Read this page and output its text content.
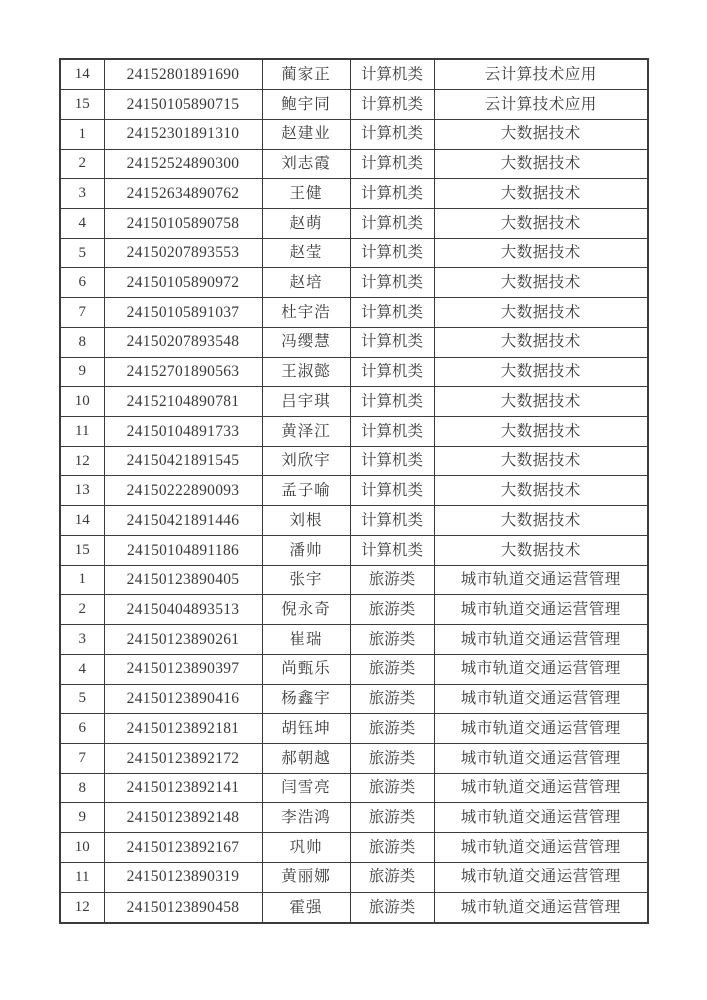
14	24152801891690	蔺家正	计算机类	云计算技术应用
15	24150105890715	鲍宇同	计算机类	云计算技术应用
1	24152301891310	赵建业	计算机类	大数据技术
2	24152524890300	刘志霞	计算机类	大数据技术
3	24152634890762	王健	计算机类	大数据技术
4	24150105890758	赵萌	计算机类	大数据技术
5	24150207893553	赵莹	计算机类	大数据技术
6	24150105890972	赵培	计算机类	大数据技术
7	24150105891037	杜宇浩	计算机类	大数据技术
8	24150207893548	冯缨慧	计算机类	大数据技术
9	24152701890563	王淑懿	计算机类	大数据技术
10	24152104890781	吕宇琪	计算机类	大数据技术
11	24150104891733	黄泽江	计算机类	大数据技术
12	24150421891545	刘欣宇	计算机类	大数据技术
13	24150222890093	孟子喻	计算机类	大数据技术
14	24150421891446	刘根	计算机类	大数据技术
15	24150104891186	潘帅	计算机类	大数据技术
1	24150123890405	张宇	旅游类	城市轨道交通运营管理
2	24150404893513	倪永奇	旅游类	城市轨道交通运营管理
3	24150123890261	崔瑞	旅游类	城市轨道交通运营管理
4	24150123890397	尚甄乐	旅游类	城市轨道交通运营管理
5	24150123890416	杨鑫宇	旅游类	城市轨道交通运营管理
6	24150123892181	胡钰坤	旅游类	城市轨道交通运营管理
7	24150123892172	郝朝越	旅游类	城市轨道交通运营管理
8	24150123892141	闫雪亮	旅游类	城市轨道交通运营管理
9	24150123892148	李浩鸿	旅游类	城市轨道交通运营管理
10	24150123892167	巩帅	旅游类	城市轨道交通运营管理
11	24150123890319	黄丽娜	旅游类	城市轨道交通运营管理
12	24150123890458	霍强	旅游类	城市轨道交通运营管理
